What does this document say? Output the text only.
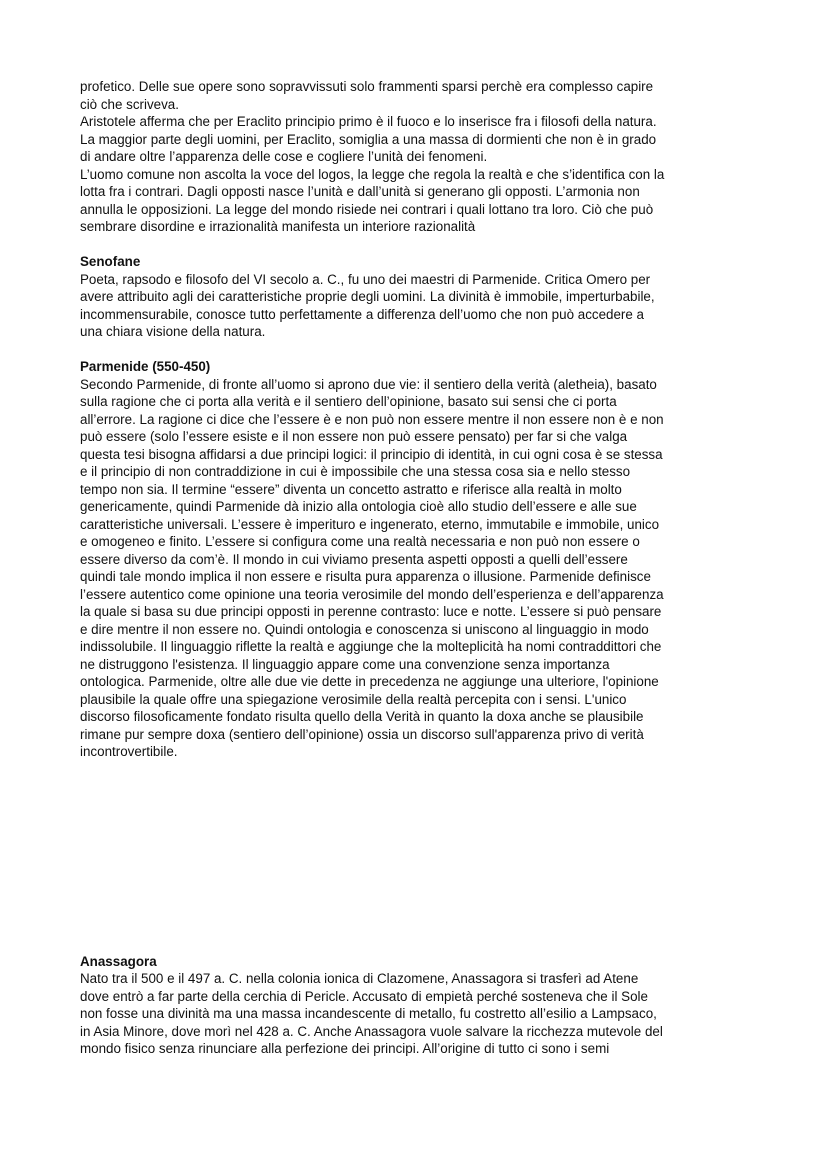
profetico. Delle sue opere sono sopravvissuti solo frammenti sparsi perchè era complesso capire
ciò che scriveva.

Aristotele afferma che per Eraclito principio primo è il fuoco e lo inserisce fra i filosofi della natura.

La maggior parte degli uomini, per Eraclito, somiglia a una massa di dormienti che non è in grado
di andare oltre l’apparenza delle cose e cogliere l’unità dei fenomeni.

L’uomo comune non ascolta la voce del logos, la legge che regola la realtà e che s’identifica con la
lotta fra i contrari. Dagli opposti nasce l’unità e dall’unità si generano gli opposti. L’armonia non
annulla le opposizioni. La legge del mondo risiede nei contrari i quali lottano tra loro. Ciò che può
sembrare disordine e irrazionalità manifesta un interiore razionalità

Senofane

Poeta, rapsodo e filosofo del VI secolo a. C., fu uno dei maestri di Parmenide. Critica Omero per
avere attribuito agli dei caratteristiche proprie degli uomini. La divinità è immobile, imperturbabile,
incommensurabile, conosce tutto perfettamente a differenza dell’uomo che non può accedere a
una chiara visione della natura.

Parmenide (550-450)

Secondo Parmenide, di fronte all’uomo si aprono due vie: il sentiero della verità (aletheia), basato
sulla ragione che ci porta alla verità e il sentiero dell’opinione, basato sui sensi che ci porta
all’errore. La ragione ci dice che l’essere è e non può non essere mentre il non essere non è e non
può essere (solo l’essere esiste e il non essere non può essere pensato) per far si che valga
questa tesi bisogna affidarsi a due principi logici: il principio di identità, in cui ogni cosa è se stessa
e il principio di non contraddizione in cui è impossibile che una stessa cosa sia e nello stesso
tempo non sia. Il termine “essere” diventa un concetto astratto e riferisce alla realtà in molto
genericamente, quindi Parmenide dà inizio alla ontologia cioè allo studio dell’essere e alle sue
caratteristiche universali. L’essere è imperituro e ingenerato, eterno, immutabile e immobile, unico
e omogeneo e finito. L’essere si configura come una realtà necessaria e non può non essere o
essere diverso da com’è. Il mondo in cui viviamo presenta aspetti opposti a quelli dell’essere
quindi tale mondo implica il non essere e risulta pura apparenza o illusione. Parmenide definisce
l’essere autentico come opinione una teoria verosimile del mondo dell’esperienza e dell’apparenza
la quale si basa su due principi opposti in perenne contrasto: luce e notte. L’essere si può pensare
e dire mentre il non essere no. Quindi ontologia e conoscenza si uniscono al linguaggio in modo
indissolubile. Il linguaggio riflette la realtà e aggiunge che la molteplicità ha nomi contraddittori che
ne distruggono l'esistenza. Il linguaggio appare come una convenzione senza importanza
ontologica. Parmenide, oltre alle due vie dette in precedenza ne aggiunge una ulteriore, l'opinione
plausibile la quale offre una spiegazione verosimile della realtà percepita con i sensi. L'unico
discorso filosoficamente fondato risulta quello della Verità in quanto la doxa anche se plausibile
rimane pur sempre doxa (sentiero dell’opinione) ossia un discorso sull'apparenza privo di verità
incontrovertibile.

Anassagora

Nato tra il 500 e il 497 a. C. nella colonia ionica di Clazomene, Anassagora si trasferì ad Atene
dove entrò a far parte della cerchia di Pericle. Accusato di empietà perché sosteneva che il Sole
non fosse una divinità ma una massa incandescente di metallo, fu costretto all’esilio a Lampsaco,
in Asia Minore, dove morì nel 428 a. C. Anche Anassagora vuole salvare la ricchezza mutevole del
mondo fisico senza rinunciare alla perfezione dei principi. All’origine di tutto ci sono i semi
